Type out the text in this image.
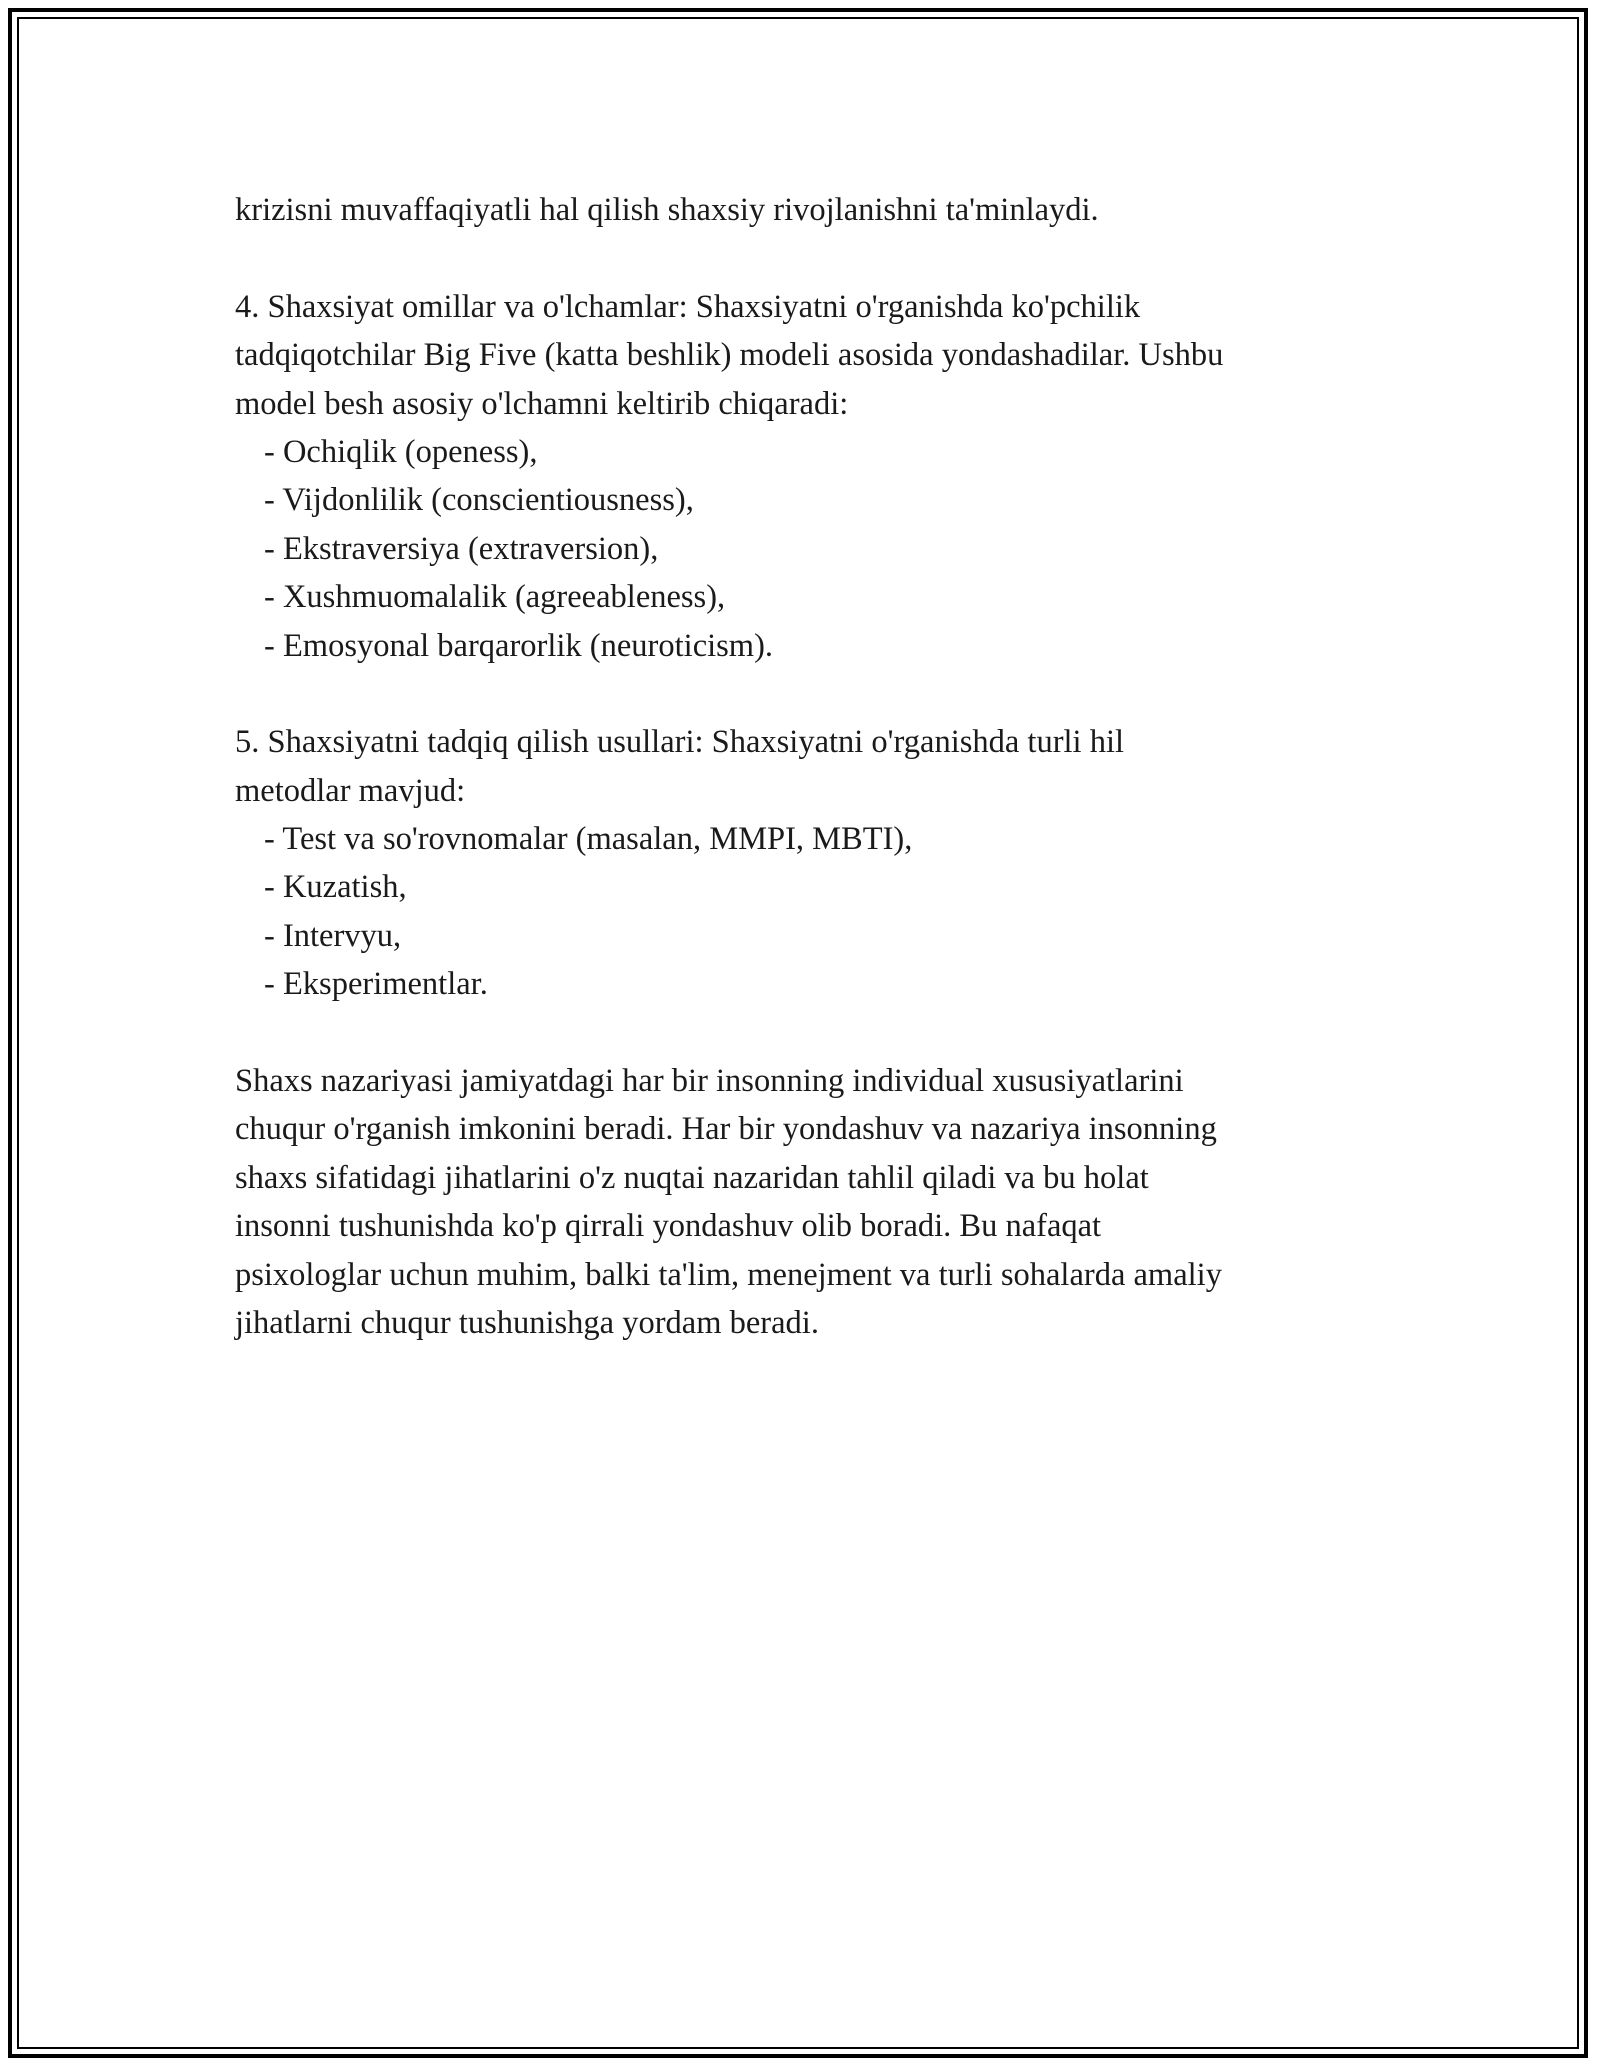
krizisni muvaffaqiyatli hal qilish shaxsiy rivojlanishni ta'minlaydi.
4. Shaxsiyat omillar va o'lchamlar: Shaxsiyatni o'rganishda ko'pchilik
tadqiqotchilar Big Five (katta beshlik) modeli asosida yondashadilar. Ushbu
model besh asosiy o'lchamni keltirib chiqaradi:
- Ochiqlik (openess),
- Vijdonlilik (conscientiousness),
- Ekstraversiya (extraversion),
- Xushmuomalalik (agreeableness),
- Emosyonal barqarorlik (neuroticism).
5. Shaxsiyatni tadqiq qilish usullari: Shaxsiyatni o'rganishda turli hil
metodlar mavjud:
- Test va so'rovnomalar (masalan, MMPI, MBTI),
- Kuzatish,
- Intervyu,
- Eksperimentlar.
Shaxs nazariyasi jamiyatdagi har bir insonning individual xususiyatlarini
chuqur o'rganish imkonini beradi. Har bir yondashuv va nazariya insonning
shaxs sifatidagi jihatlarini o'z nuqtai nazaridan tahlil qiladi va bu holat
insonni tushunishda ko'p qirrali yondashuv olib boradi. Bu nafaqat
psixologlar uchun muhim, balki ta'lim, menejment va turli sohalarda amaliy
jihatlarni chuqur tushunishga yordam beradi.
